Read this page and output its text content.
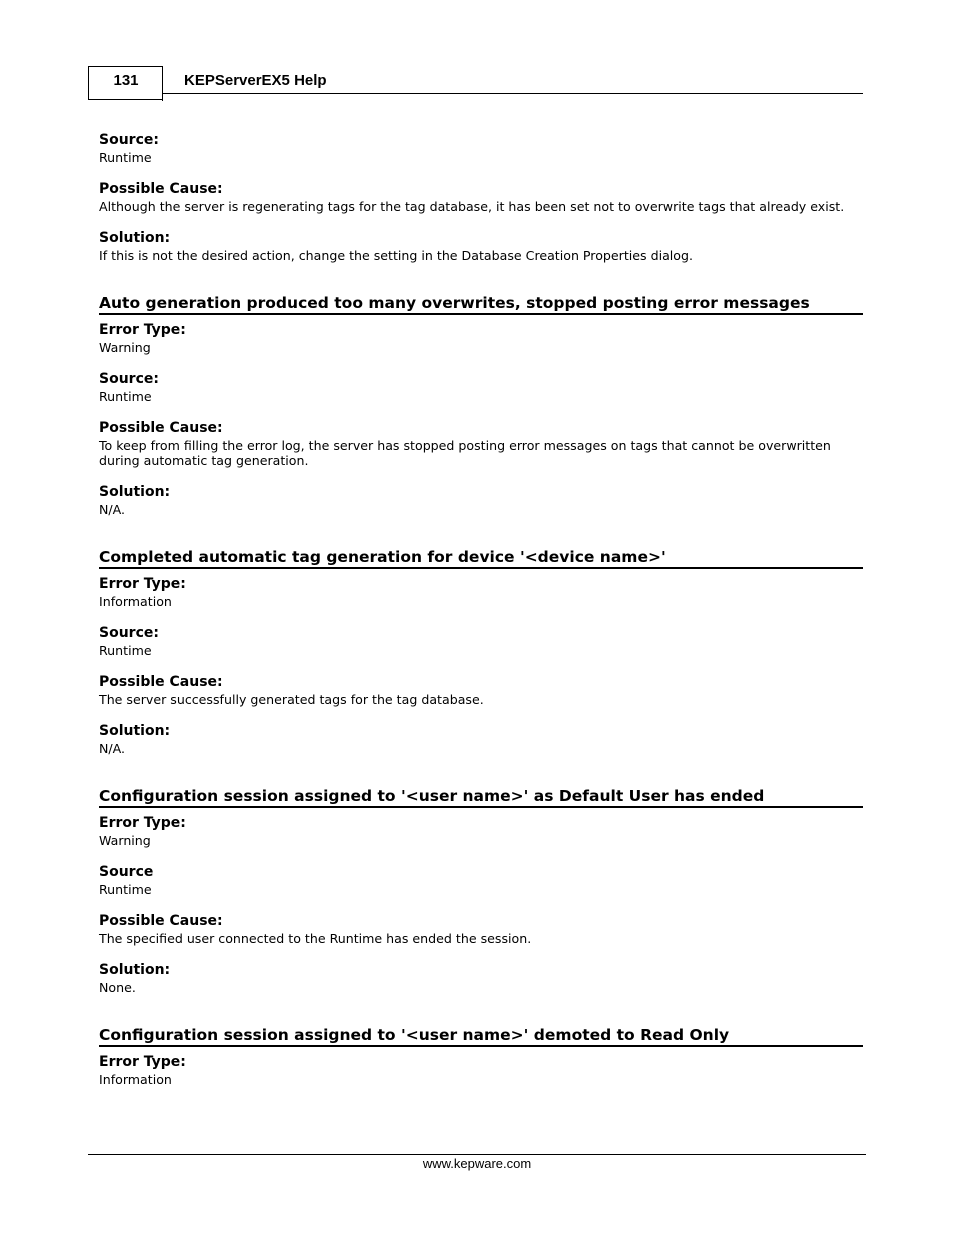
131	KEPServerEX5 Help
Source:
Runtime
Possible Cause:
Although the server is regenerating tags for the tag database, it has been set not to overwrite tags that already exist.
Solution:
If this is not the desired action, change the setting in the Database Creation Properties dialog.
Auto generation produced too many overwrites, stopped posting error messages
Error Type:
Warning
Source:
Runtime
Possible Cause:
To keep from filling the error log, the server has stopped posting error messages on tags that cannot be overwritten during automatic tag generation.
Solution:
N/A.
Completed automatic tag generation for device '<device name>'
Error Type:
Information
Source:
Runtime
Possible Cause:
The server successfully generated tags for the tag database.
Solution:
N/A.
Configuration session assigned to '<user name>' as Default User has ended
Error Type:
Warning
Source
Runtime
Possible Cause:
The specified user connected to the Runtime has ended the session.
Solution:
None.
Configuration session assigned to '<user name>' demoted to Read Only
Error Type:
Information
www.kepware.com
